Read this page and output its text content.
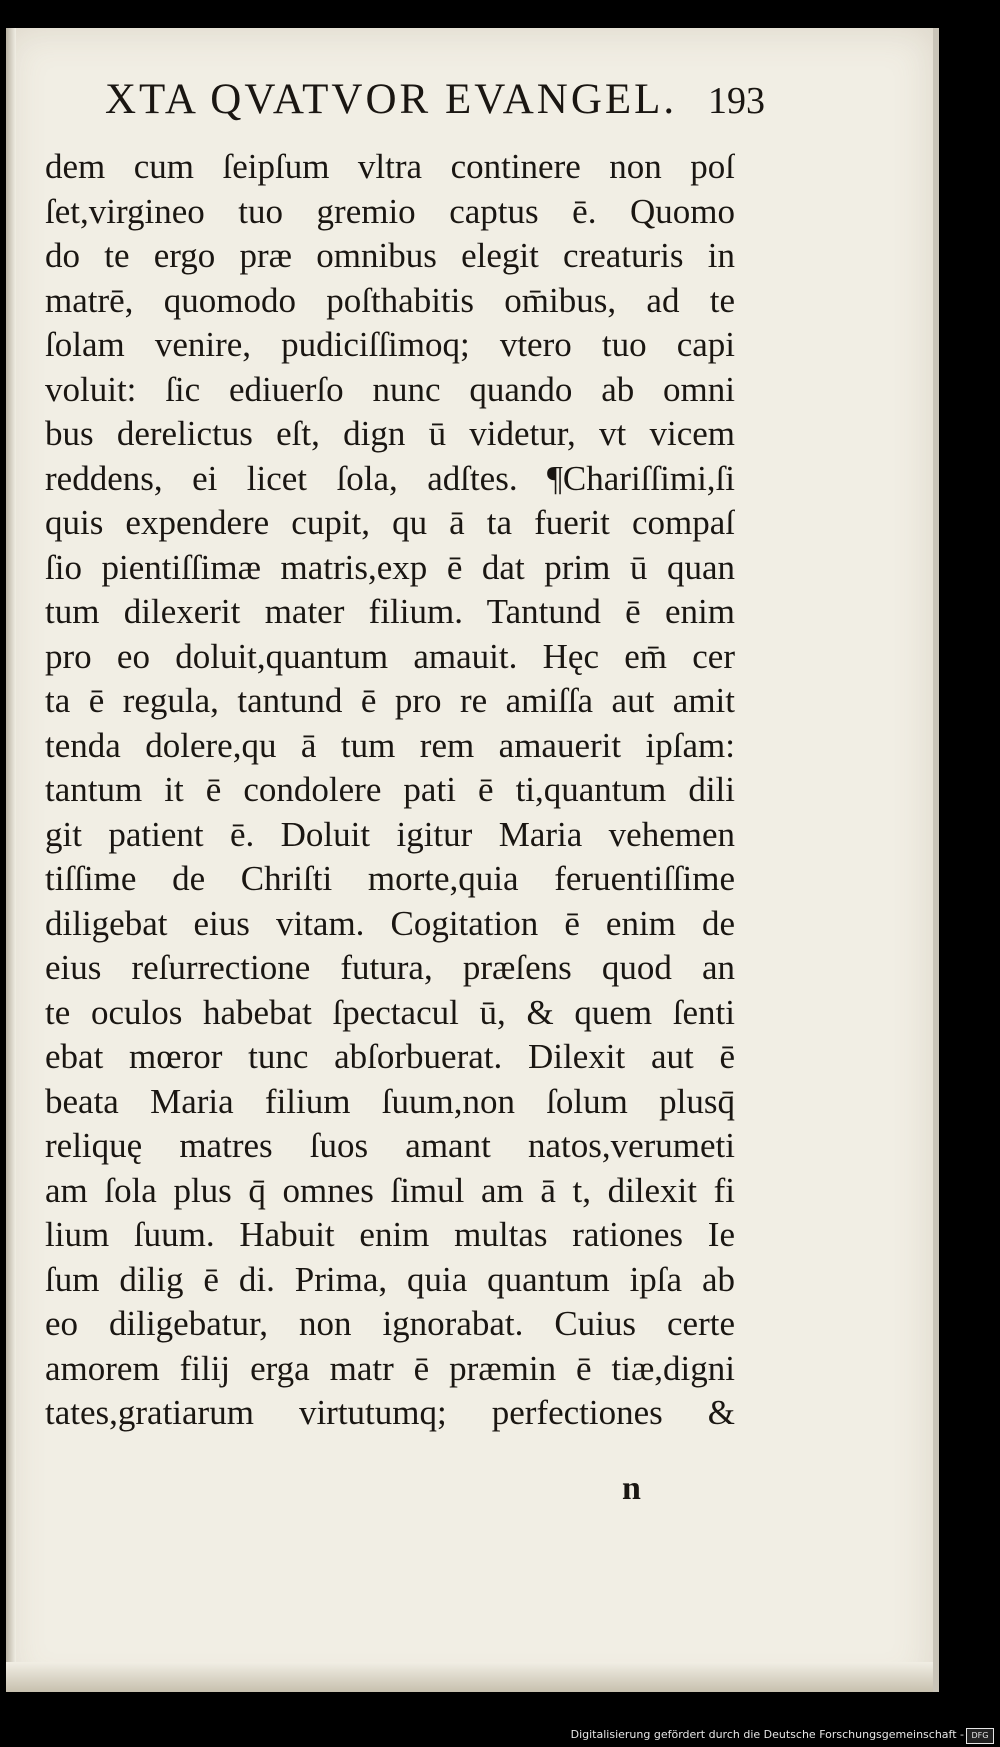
XTA QVATVOR EVANGEL. 193
dem cum ſeipſum vltra continere non poſ
ſet,virgineo tuo gremio captus ē. Quomo
do te ergo præ omnibus elegit creaturis in
matrē, quomodo poſthabitis om̄ibus, ad te
ſolam venire, pudiciſſimoq; vtero tuo capi
voluit: ſic ediuerſo nunc quando ab omni
bus derelictus eſt, dign ū videtur, vt vicem
reddens, ei licet ſola, adſtes. ¶Chariſſimi,ſi
quis expendere cupit, qu ā ta fuerit compaſ
ſio pientiſſimæ matris,exp ē dat prim ū quan
tum dilexerit mater filium. Tantund ē enim
pro eo doluit,quantum amauit. Hęc em̄ cer
ta ē regula, tantund ē pro re amiſſa aut amit
tenda dolere,qu ā tum rem amauerit ipſam:
tantum it ē condolere pati ē ti,quantum dili
git patient ē. Doluit igitur Maria vehemen
tiſſime de Chriſti morte,quia feruentiſſime
diligebat eius vitam. Cogitation ē enim de
eius reſurrectione futura, præſens quod an
te oculos habebat ſpectacul ū, & quem ſenti
ebat mœror tunc abſorbuerat. Dilexit aut ē
beata Maria filium ſuum,non ſolum plusq̄
reliquę matres ſuos amant natos,verumeti
am ſola plus q̄ omnes ſimul am ā t, dilexit fi
lium ſuum. Habuit enim multas rationes Ie
ſum dilig ē di. Prima, quia quantum ipſa ab
eo diligebatur, non ignorabat. Cuius certe
amorem filij erga matr ē præmin ē tiæ,digni
tates,gratiarum virtutumq; perfectiones &
n
Digitalisierung gefördert durch die Deutsche Forschungsgemeinschaft - DFG
